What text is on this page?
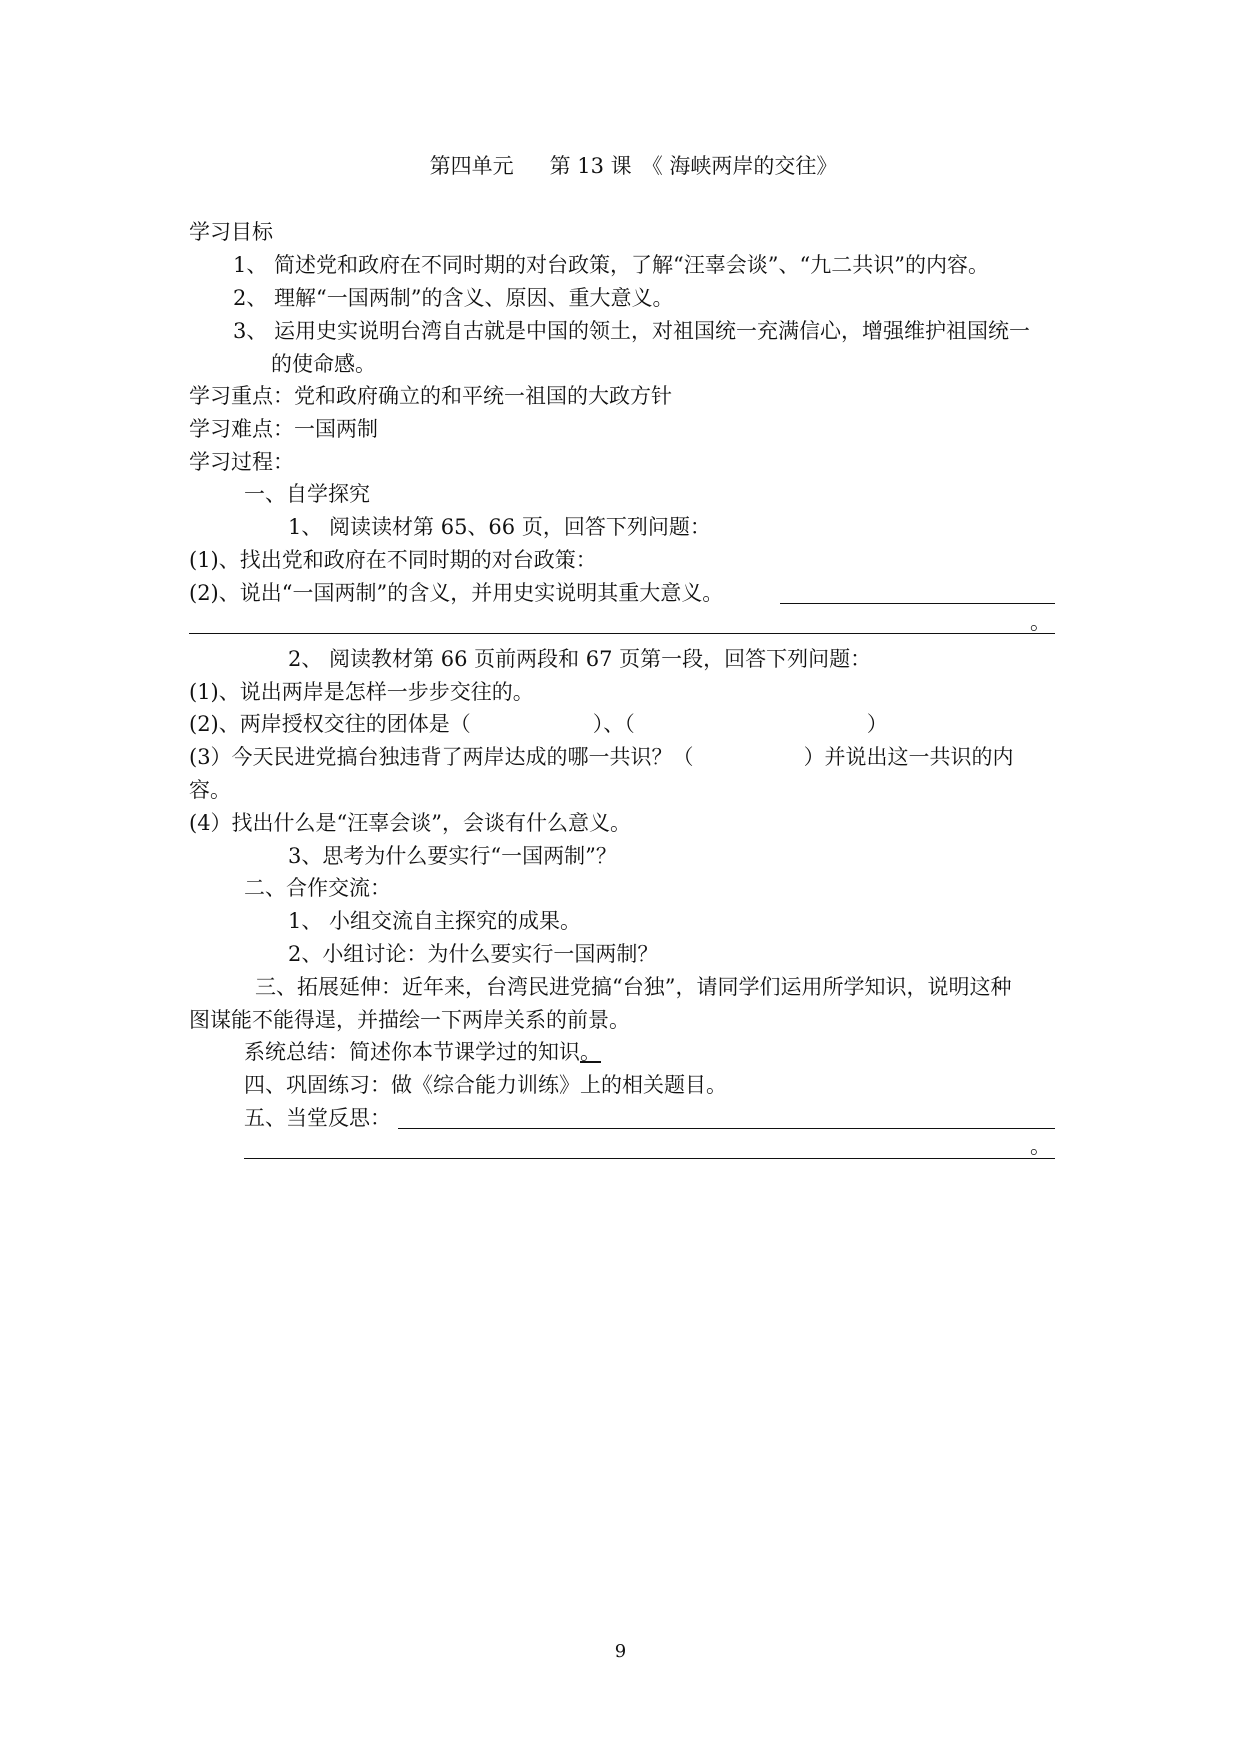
第四单元 第 13 课 《 海峡两岸的交往》
学习目标
1、 简述党和政府在不同时期的对台政策，了解“汪辜会谈”、“九二共识”的内容。
2、 理解“一国两制”的含义、原因、重大意义。
3、 运用史实说明台湾自古就是中国的领土，对祖国统一充满信心，增强维护祖国统一
的使命感。
学习重点：党和政府确立的和平统一祖国的大政方针
学习难点：一国两制
学习过程：
一、自学探究
1、 阅读读材第 65、66 页，回答下列问题：
(1)、找出党和政府在不同时期的对台政策：
(2)、说出“一国两制”的含义，并用史实说明其重大意义。
。
2、 阅读教材第 66 页前两段和 67 页第一段，回答下列问题：
(1)、说出两岸是怎样一步步交往的。
(2)、两岸授权交往的团体是（	）、（	）
(3）今天民进党搞台独违背了两岸达成的哪一共识？（	）并说出这一共识的内
容。
(4）找出什么是“汪辜会谈”，会谈有什么意义。
3、思考为什么要实行“一国两制”？
二、合作交流：
1、 小组交流自主探究的成果。
2、小组讨论：为什么要实行一国两制？
三、拓展延伸：近年来，台湾民进党搞“台独”，请同学们运用所学知识，说明这种
图谋能不能得逞，并描绘一下两岸关系的前景。
系统总结：简述你本节课学过的知识。
四、巩固练习：做《综合能力训练》上的相关题目。
五、当堂反思：
。
9
